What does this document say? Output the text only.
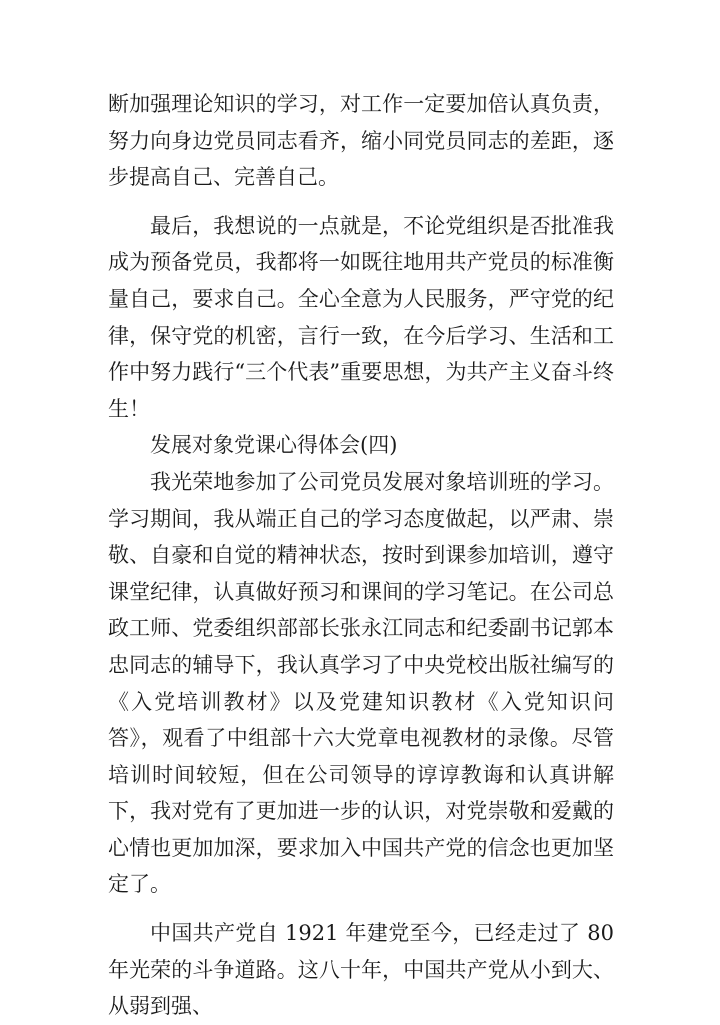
断加强理论知识的学习，对工作一定要加倍认真负责，努力向身边党员同志看齐，缩小同党员同志的差距，逐步提高自己、完善自己。

最后，我想说的一点就是，不论党组织是否批准我成为预备党员，我都将一如既往地用共产党员的标准衡量自己，要求自己。全心全意为人民服务，严守党的纪律，保守党的机密，言行一致，在今后学习、生活和工作中努力践行“三个代表”重要思想，为共产主义奋斗终生！

发展对象党课心得体会(四)

我光荣地参加了公司党员发展对象培训班的学习。学习期间，我从端正自己的学习态度做起，以严肃、崇敬、自豪和自觉的精神状态，按时到课参加培训，遵守课堂纪律，认真做好预习和课间的学习笔记。在公司总政工师、党委组织部部长张永江同志和纪委副书记郭本忠同志的辅导下，我认真学习了中央党校出版社编写的《入党培训教材》以及党建知识教材《入党知识问答》，观看了中组部十六大党章电视教材的录像。尽管培训时间较短，但在公司领导的谆谆教诲和认真讲解下，我对党有了更加进一步的认识，对党崇敬和爱戴的心情也更加加深，要求加入中国共产党的信念也更加坚定了。

中国共产党自 1921 年建党至今，已经走过了 80 年光荣的斗争道路。这八十年，中国共产党从小到大、从弱到强、
